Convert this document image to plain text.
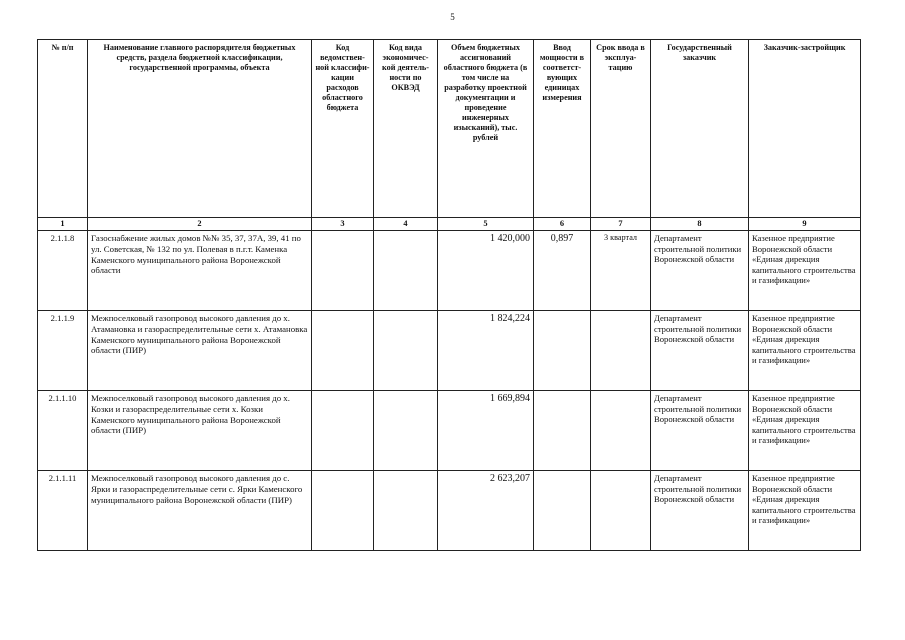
5
№ п/п	Наименование главного распорядителя бюджетных средств, раздела бюджетной классификации, государственной программы, объекта	Код ведомствен-ной классифи-кации расходов областного бюджета	Код вида экономичес-кой деятель-ности по ОКВЭД	Объем бюджетных ассигнований областного бюджета (в том числе на разработку проектной документации и проведение инженерных изысканий), тыс. рублей	Ввод мощности в соответст-вующих единицах измерения	Срок ввода в эксплуа-тацию	Государственный заказчик	Заказчик-застройщик
1	2	3	4	5	6	7	8	9
2.1.1.8	Газоснабжение жилых домов №№ 35, 37, 37А, 39, 41 по ул. Советская, № 132 по ул. Полевая в п.г.т. Каменка Каменского муниципального района Воронежской области			1 420,000	0,897	3 квартал	Департамент строительной политики Воронежской области	Казенное предприятие Воронежской области «Единая дирекция капитального строительства и газификации»
2.1.1.9	Межпоселковый газопровод высокого давления до х. Атамановка и газораспределительные сети х. Атамановка Каменского муниципального района Воронежской области (ПИР)			1 824,224			Департамент строительной политики Воронежской области	Казенное предприятие Воронежской области «Единая дирекция капитального строительства и газификации»
2.1.1.10	Межпоселковый газопровод высокого давления до х. Козки и газораспределительные сети х. Козки Каменского муниципального района Воронежской области (ПИР)			1 669,894			Департамент строительной политики Воронежской области	Казенное предприятие Воронежской области «Единая дирекция капитального строительства и газификации»
2.1.1.11	Межпоселковый газопровод высокого давления до с. Ярки и газораспределительные сети с. Ярки Каменского муниципального района Воронежской области (ПИР)			2 623,207			Департамент строительной политики Воронежской области	Казенное предприятие Воронежской области «Единая дирекция капитального строительства и газификации»
